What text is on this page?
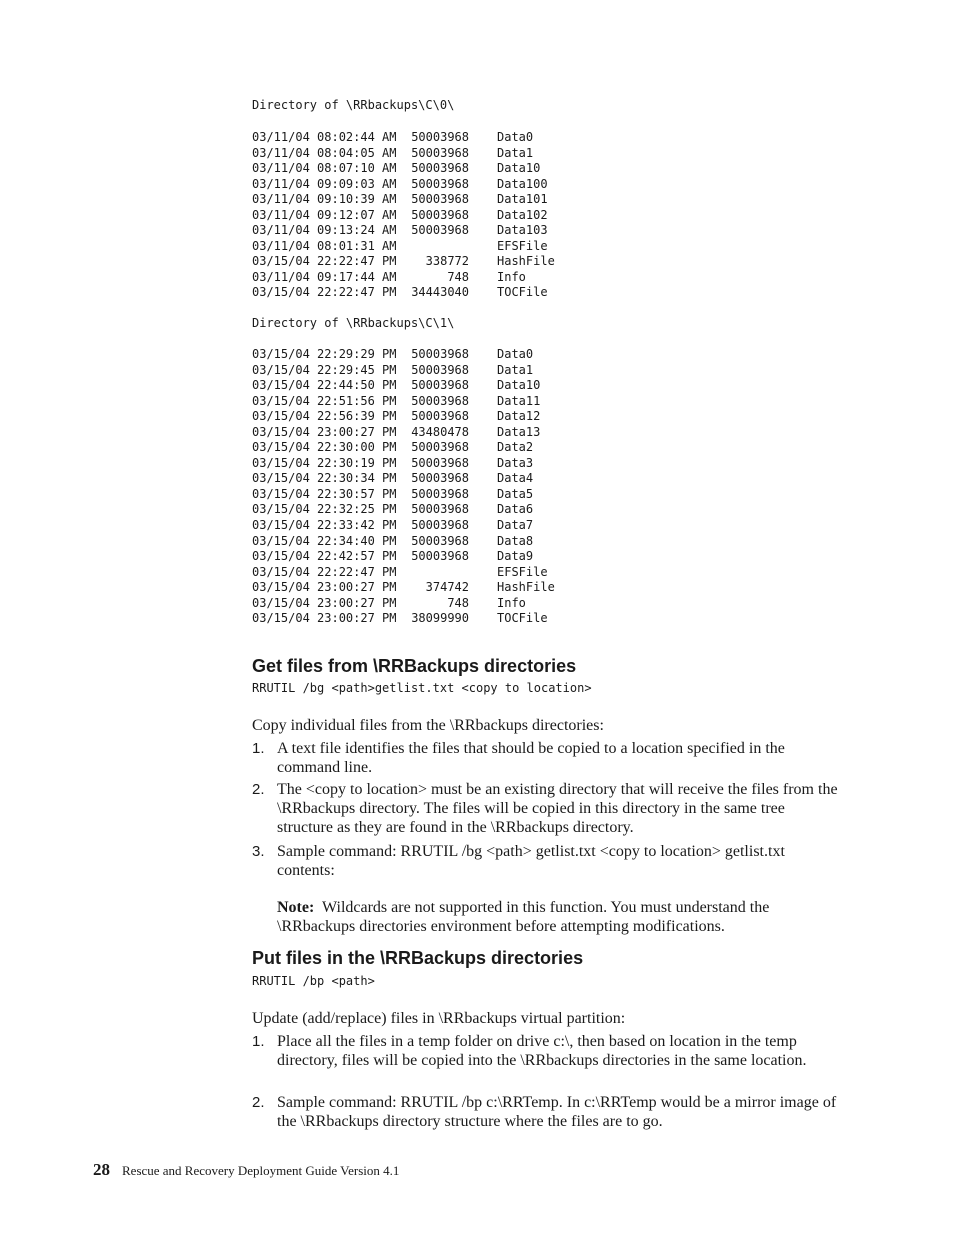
Directory of \RRbackups\C\0\
03/11/04 08:02:44 AM 50003968 Data0
03/11/04 08:04:05 AM 50003968 Data1
03/11/04 08:07:10 AM 50003968 Data10
03/11/04 09:09:03 AM 50003968 Data100
03/11/04 09:10:39 AM 50003968 Data101
03/11/04 09:12:07 AM 50003968 Data102
03/11/04 09:13:24 AM 50003968 Data103
03/11/04 08:01:31 AM	EFSFile
03/15/04 22:22:47 PM 338772 HashFile
03/11/04 09:17:44 AM	748 Info
03/15/04 22:22:47 PM 34443040 TOCFile
Directory of \RRbackups\C\1\
03/15/04 22:29:29 PM 50003968 Data0
03/15/04 22:29:45 PM 50003968 Data1
03/15/04 22:44:50 PM 50003968 Data10
03/15/04 22:51:56 PM 50003968 Data11
03/15/04 22:56:39 PM 50003968 Data12
03/15/04 23:00:27 PM 43480478 Data13
03/15/04 22:30:00 PM 50003968 Data2
03/15/04 22:30:19 PM 50003968 Data3
03/15/04 22:30:34 PM 50003968 Data4
03/15/04 22:30:57 PM 50003968 Data5
03/15/04 22:32:25 PM 50003968 Data6
03/15/04 22:33:42 PM 50003968 Data7
03/15/04 22:34:40 PM 50003968 Data8
03/15/04 22:42:57 PM 50003968 Data9
03/15/04 22:22:47 PM	EFSFile
03/15/04 23:00:27 PM 374742 HashFile
03/15/04 23:00:27 PM	748 Info
03/15/04 23:00:27 PM 38099990 TOCFile
Get files from \RRBackups directories
RRUTIL /bg <path>getlist.txt <copy to location>

Copy individual files from the \RRbackups directories:

1. A text file identifies the files that should be copied to a location specified in the command line.
2. The <copy to location> must be an existing directory that will receive the files from the \RRbackups directory. The files will be copied in this directory in the same tree structure as they are found in the \RRbackups directory.
3. Sample command: RRUTIL /bg <path> getlist.txt <copy to location> getlist.txt contents:
Note: Wildcards are not supported in this function. You must understand the \RRbackups directories environment before attempting modifications.
Put files in the \RRBackups directories
RRUTIL /bp <path>

Update (add/replace) files in \RRbackups virtual partition:

1. Place all the files in a temp folder on drive c:\, then based on location in the temp directory, files will be copied into the \RRbackups directories in the same location.
2. Sample command: RRUTIL /bp c:\RRTemp. In c:\RRTemp would be a mirror image of the \RRbackups directory structure where the files are to go.
28 Rescue and Recovery Deployment Guide Version 4.1
